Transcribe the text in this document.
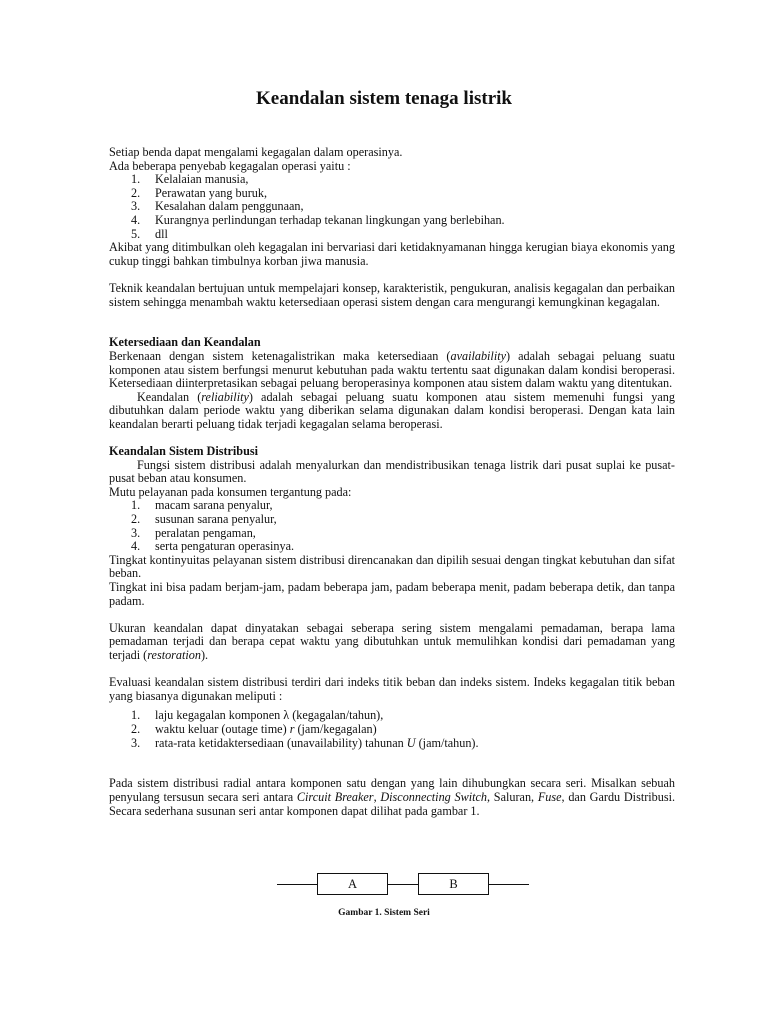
Keandalan sistem tenaga listrik

Setiap benda dapat mengalami kegagalan dalam operasinya.

Ada beberapa penyebab kegagalan operasi yaitu :

1. Kelalaian manusia,
2. Perawatan yang buruk,
3. Kesalahan dalam penggunaan,
4. Kurangnya perlindungan terhadap tekanan lingkungan yang berlebihan.
5. dll

Akibat yang ditimbulkan oleh kegagalan ini bervariasi dari ketidaknyamanan hingga kerugian biaya ekonomis yang cukup tinggi bahkan timbulnya korban jiwa manusia.

Teknik keandalan bertujuan untuk mempelajari konsep, karakteristik, pengukuran, analisis kegagalan dan perbaikan sistem sehingga menambah waktu ketersediaan operasi sistem dengan cara mengurangi kemungkinan kegagalan.

Ketersediaan dan Keandalan

Berkenaan dengan sistem ketenagalistrikan maka ketersediaan (availability) adalah sebagai peluang suatu komponen atau sistem berfungsi menurut kebutuhan pada waktu tertentu saat digunakan dalam kondisi beroperasi. Ketersediaan diinterpretasikan sebagai peluang beroperasinya komponen atau sistem dalam waktu yang ditentukan.

Keandalan (reliability) adalah sebagai peluang suatu komponen atau sistem memenuhi fungsi yang dibutuhkan dalam periode waktu yang diberikan selama digunakan dalam kondisi beroperasi. Dengan kata lain keandalan berarti peluang tidak terjadi kegagalan selama beroperasi.

Keandalan Sistem Distribusi

Fungsi sistem distribusi adalah menyalurkan dan mendistribusikan tenaga listrik dari pusat suplai ke pusat-pusat beban atau konsumen.

Mutu pelayanan pada konsumen tergantung pada:

1. macam sarana penyalur,
2. susunan sarana penyalur,
3. peralatan pengaman,
4. serta pengaturan operasinya.

Tingkat kontinyuitas pelayanan sistem distribusi direncanakan dan dipilih sesuai dengan tingkat kebutuhan dan sifat beban.

Tingkat ini bisa padam berjam-jam, padam beberapa jam, padam beberapa menit, padam beberapa detik, dan tanpa padam.

Ukuran keandalan dapat dinyatakan sebagai seberapa sering sistem mengalami pemadaman, berapa lama pemadaman terjadi dan berapa cepat waktu yang dibutuhkan untuk memulihkan kondisi dari pemadaman yang terjadi (restoration).

Evaluasi keandalan sistem distribusi terdiri dari indeks titik beban dan indeks sistem. Indeks kegagalan titik beban yang biasanya digunakan meliputi :

1. laju kegagalan komponen λ (kegagalan/tahun),
2. waktu keluar (outage time) r (jam/kegagalan)
3. rata-rata ketidaktersediaan (unavailability) tahunan U (jam/tahun).

Pada sistem distribusi radial antara komponen satu dengan yang lain dihubungkan secara seri. Misalkan sebuah penyulang tersusun secara seri antara Circuit Breaker, Disconnecting Switch, Saluran, Fuse, dan Gardu Distribusi. Secara sederhana susunan seri antar komponen dapat dilihat pada gambar 1.

A	B
Gambar 1. Sistem Seri
